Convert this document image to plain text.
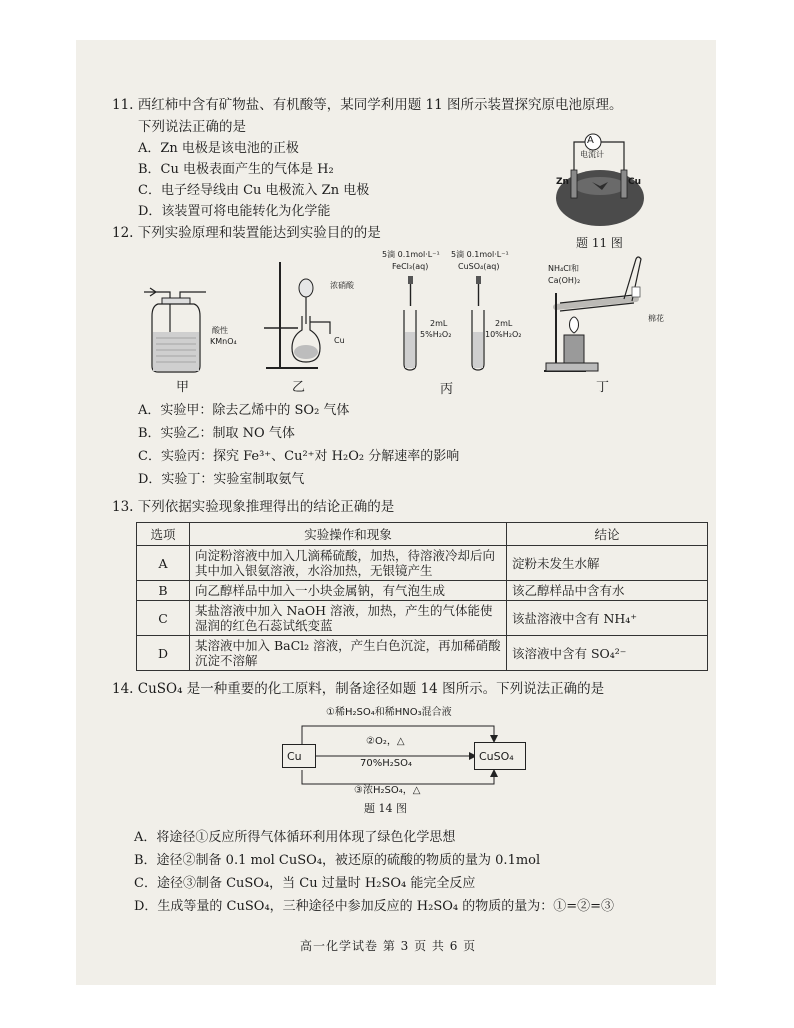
11. 西红柿中含有矿物盐、有机酸等，某同学利用题 11 图所示装置探究原电池原理。
下列说法正确的是
A．Zn 电极是该电池的正极
B．Cu 电极表面产生的气体是 H₂
C．电子经导线由 Cu 电极流入 Zn 电极
D．该装置可将电能转化为化学能
A
电流计
Zn	Cu
题 11 图
12. 下列实验原理和装置能达到实验目的的是
酸性
KMnO₄
甲
浓硝酸
Cu
乙
5滴 0.1mol·L⁻¹
FeCl₃(aq)
5滴 0.1mol·L⁻¹
CuSO₄(aq)
2mL
5%H₂O₂
2mL
10%H₂O₂
丙
NH₄Cl和
Ca(OH)₂
棉花
丁
A．实验甲：除去乙烯中的 SO₂ 气体
B．实验乙：制取 NO 气体
C．实验丙：探究 Fe³⁺、Cu²⁺对 H₂O₂ 分解速率的影响
D．实验丁：实验室制取氨气
13. 下列依据实验现象推理得出的结论正确的是
选项	实验操作和现象	结论
A	向淀粉溶液中加入几滴稀硫酸，加热，待溶液冷却后向其中加入银氨溶液，水浴加热，无银镜产生	淀粉未发生水解
B	向乙醇样品中加入一小块金属钠，有气泡生成	该乙醇样品中含有水
C	某盐溶液中加入 NaOH 溶液，加热，产生的气体能使湿润的红色石蕊试纸变蓝	该盐溶液中含有 NH₄⁺
D	某溶液中加入 BaCl₂ 溶液，产生白色沉淀，再加稀硝酸沉淀不溶解	该溶液中含有 SO₄²⁻
14. CuSO₄ 是一种重要的化工原料，制备途径如题 14 图所示。下列说法正确的是
Cu	CuSO₄
①稀H₂SO₄和稀HNO₃混合液
②O₂，△
70%H₂SO₄
③浓H₂SO₄，△
题 14 图
A．将途径①反应所得气体循环利用体现了绿色化学思想
B．途径②制备 0.1 mol CuSO₄，被还原的硫酸的物质的量为 0.1mol
C．途径③制备 CuSO₄，当 Cu 过量时 H₂SO₄ 能完全反应
D．生成等量的 CuSO₄，三种途径中参加反应的 H₂SO₄ 的物质的量为：①=②=③
高一化学试卷 第 3 页 共 6 页
